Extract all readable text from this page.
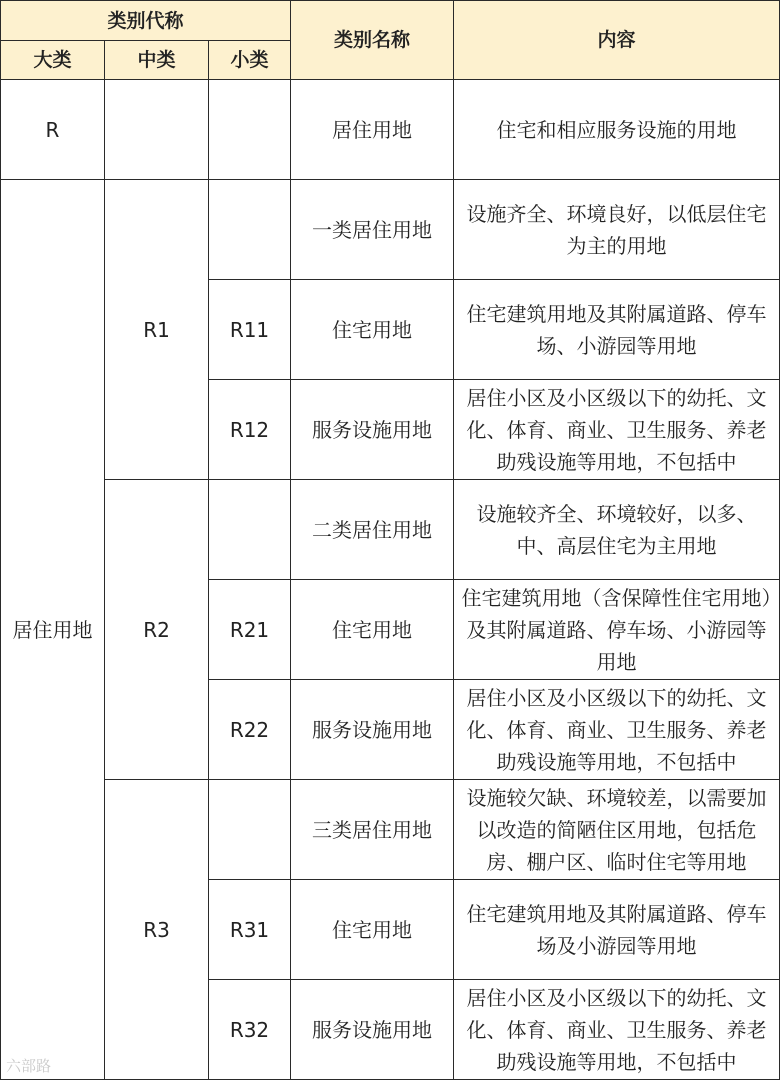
类别代称			类别名称	内容
大类	中类	小类		
R			居住用地	住宅和相应服务设施的用地
居住用地	R1		一类居住用地	设施齐全、环境良好，以低层住宅为主的用地
		R11	住宅用地	住宅建筑用地及其附属道路、停车场、小游园等用地
		R12	服务设施用地	居住小区及小区级以下的幼托、文化、体育、商业、卫生服务、养老助残设施等用地，不包括中
	R2		二类居住用地	设施较齐全、环境较好，以多、中、高层住宅为主用地
		R21	住宅用地	住宅建筑用地（含保障性住宅用地）及其附属道路、停车场、小游园等用地
		R22	服务设施用地	居住小区及小区级以下的幼托、文化、体育、商业、卫生服务、养老助残设施等用地，不包括中
	R3		三类居住用地	设施较欠缺、环境较差，以需要加以改造的简陋住区用地，包括危房、棚户区、临时住宅等用地
		R31	住宅用地	住宅建筑用地及其附属道路、停车场及小游园等用地
		R32	服务设施用地	居住小区及小区级以下的幼托、文化、体育、商业、卫生服务、养老助残设施等用地，不包括中
六部路
